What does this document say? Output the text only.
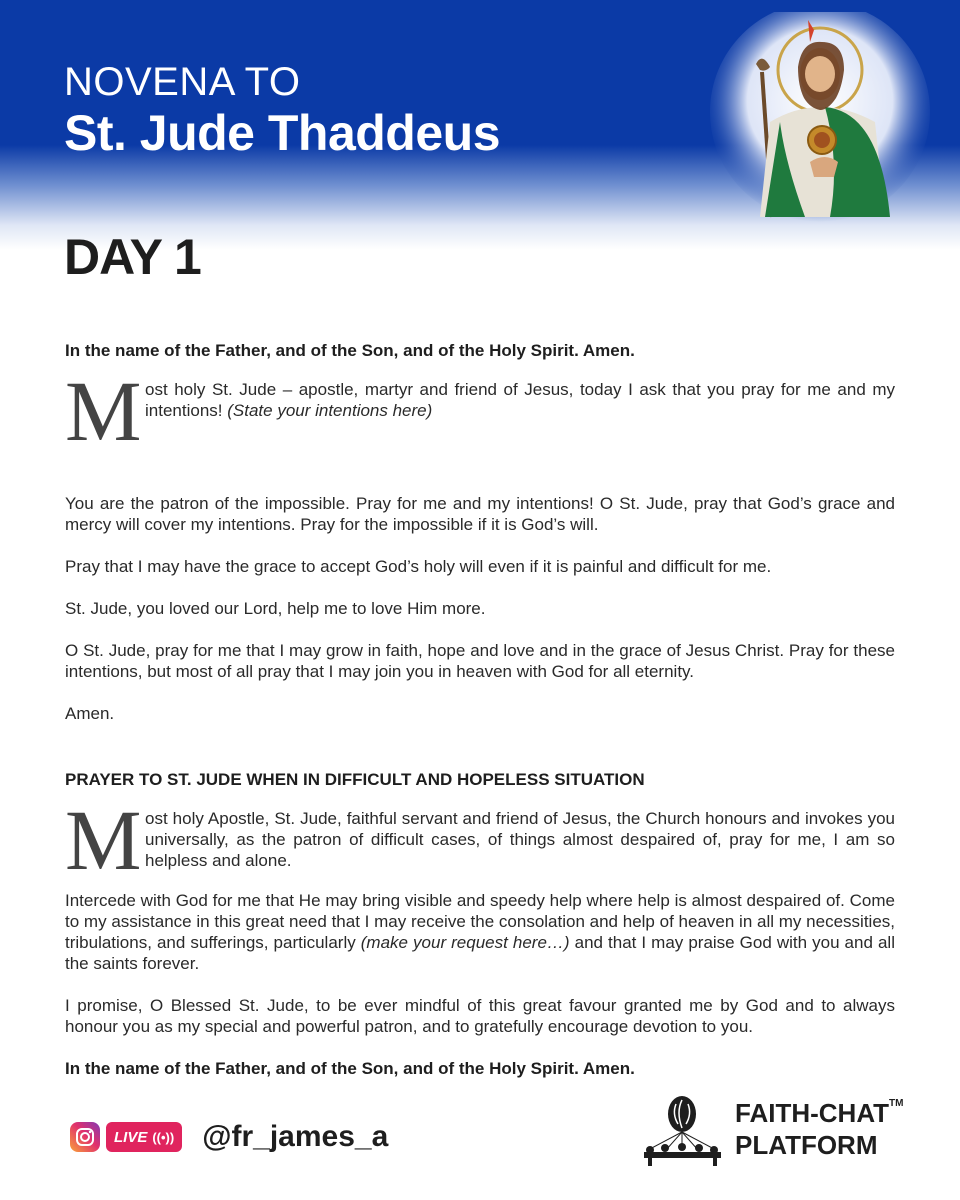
NOVENA TO
St. Jude Thaddeus
DAY 1

In the name of the Father, and of the Son, and of the Holy Spirit. Amen.

M ost holy St. Jude – apostle, martyr and friend of Jesus, today I ask that you pray for me and my intentions! (State your intentions here)

You are the patron of the impossible. Pray for me and my intentions! O St. Jude, pray that God’s grace and mercy will cover my intentions. Pray for the impossible if it is God’s will.

Pray that I may have the grace to accept God’s holy will even if it is painful and difficult for me.

St. Jude, you loved our Lord, help me to love Him more.

O St. Jude, pray for me that I may grow in faith, hope and love and in the grace of Jesus Christ. Pray for these intentions, but most of all pray that I may join you in heaven with God for all eternity.

Amen.

PRAYER TO ST. JUDE WHEN IN DIFFICULT AND HOPELESS SITUATION

M ost holy Apostle, St. Jude, faithful servant and friend of Jesus, the Church honours and invokes you universally, as the patron of difficult cases, of things almost despaired of, pray for me, I am so helpless and alone.

Intercede with God for me that He may bring visible and speedy help where help is almost despaired of. Come to my assistance in this great need that I may receive the consolation and help of heaven in all my necessities, tribulations, and sufferings, particularly (make your request here…) and that I may praise God with you and all the saints forever.

I promise, O Blessed St. Jude, to be ever mindful of this great favour granted me by God and to always honour you as my special and powerful patron, and to gratefully encourage devotion to you.

In the name of the Father, and of the Son, and of the Holy Spirit. Amen.

LIVE ((•)) @fr_james_a
FAITH-CHAT™
PLATFORM
